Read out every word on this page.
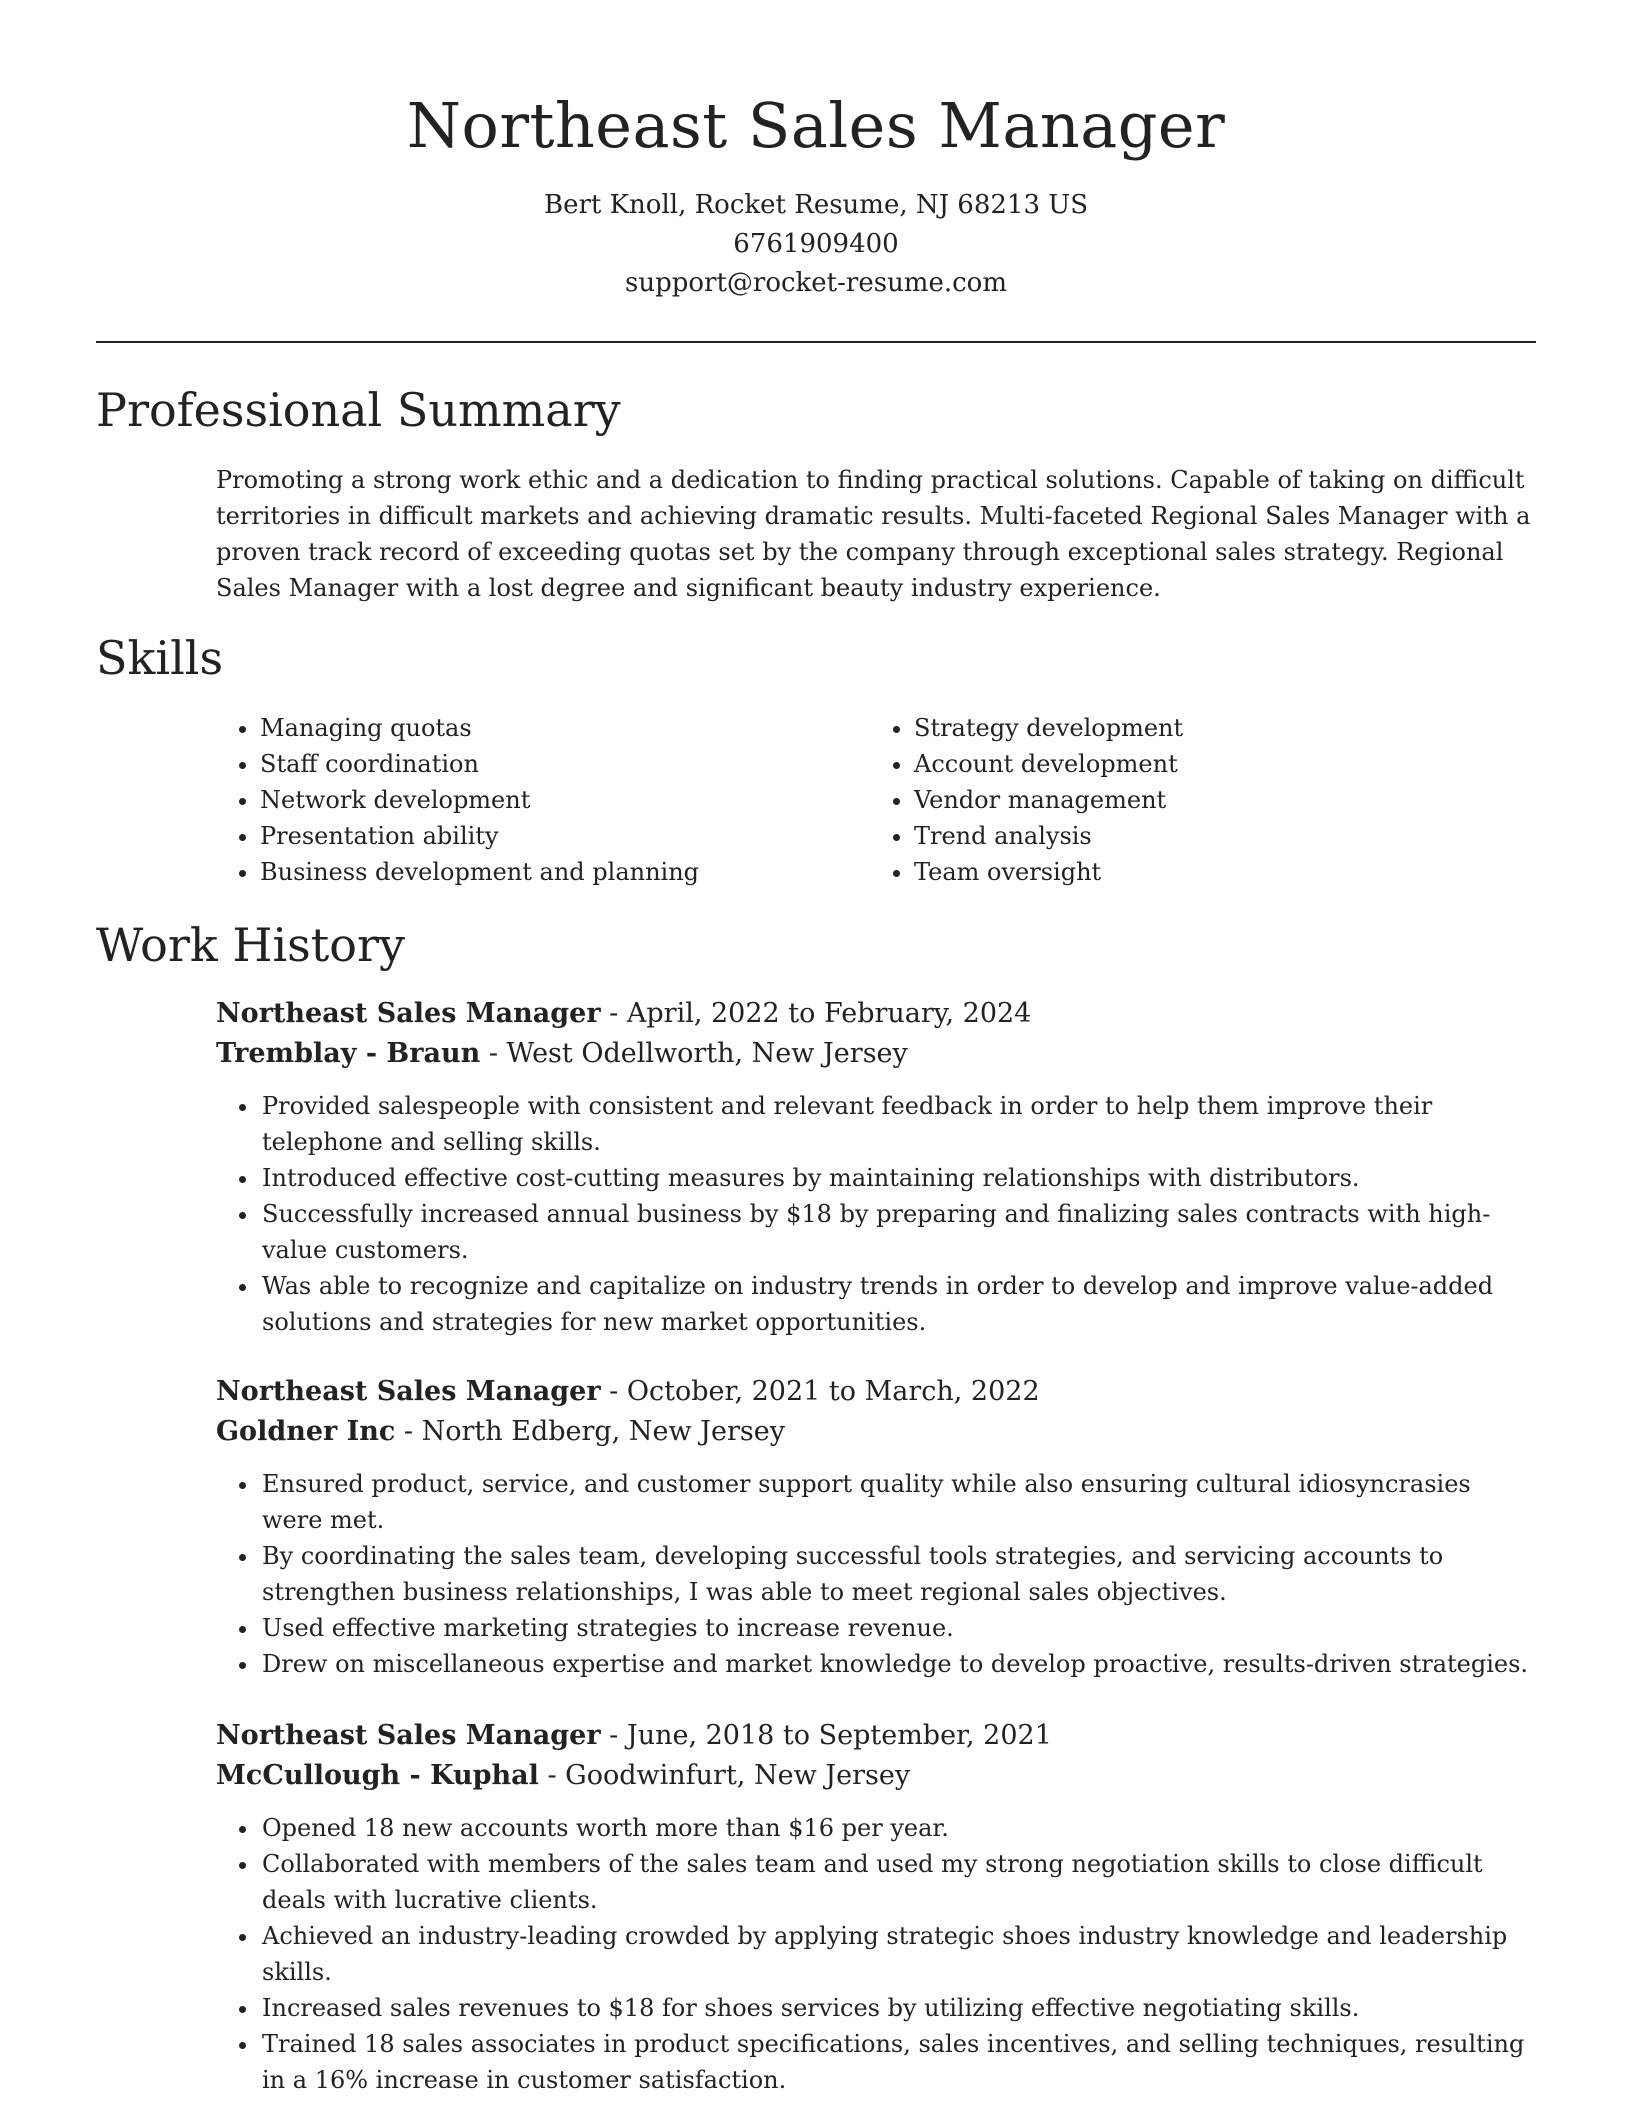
Northeast Sales Manager
Bert Knoll, Rocket Resume, NJ 68213 US
6761909400
support@rocket-resume.com
Professional Summary

Promoting a strong work ethic and a dedication to finding practical solutions. Capable of taking on difficult territories in difficult markets and achieving dramatic results. Multi-faceted Regional Sales Manager with a proven track record of exceeding quotas set by the company through exceptional sales strategy. Regional Sales Manager with a lost degree and significant beauty industry experience.

Skills
• Managing quotas
• Staff coordination
• Network development
• Presentation ability
• Business development and planning
• Strategy development
• Account development
• Vendor management
• Trend analysis
• Team oversight
Work History
Northeast Sales Manager - April, 2022 to February, 2024
Tremblay - Braun - West Odellworth, New Jersey
• Provided salespeople with consistent and relevant feedback in order to help them improve their telephone and selling skills.
• Introduced effective cost-cutting measures by maintaining relationships with distributors.
• Successfully increased annual business by $18 by preparing and finalizing sales contracts with high-value customers.
• Was able to recognize and capitalize on industry trends in order to develop and improve value-added solutions and strategies for new market opportunities.
Northeast Sales Manager - October, 2021 to March, 2022
Goldner Inc - North Edberg, New Jersey
• Ensured product, service, and customer support quality while also ensuring cultural idiosyncrasies were met.
• By coordinating the sales team, developing successful tools strategies, and servicing accounts to strengthen business relationships, I was able to meet regional sales objectives.
• Used effective marketing strategies to increase revenue.
• Drew on miscellaneous expertise and market knowledge to develop proactive, results-driven strategies.
Northeast Sales Manager - June, 2018 to September, 2021
McCullough - Kuphal - Goodwinfurt, New Jersey
• Opened 18 new accounts worth more than $16 per year.
• Collaborated with members of the sales team and used my strong negotiation skills to close difficult deals with lucrative clients.
• Achieved an industry-leading crowded by applying strategic shoes industry knowledge and leadership skills.
• Increased sales revenues to $18 for shoes services by utilizing effective negotiating skills.
• Trained 18 sales associates in product specifications, sales incentives, and selling techniques, resulting in a 16% increase in customer satisfaction.
